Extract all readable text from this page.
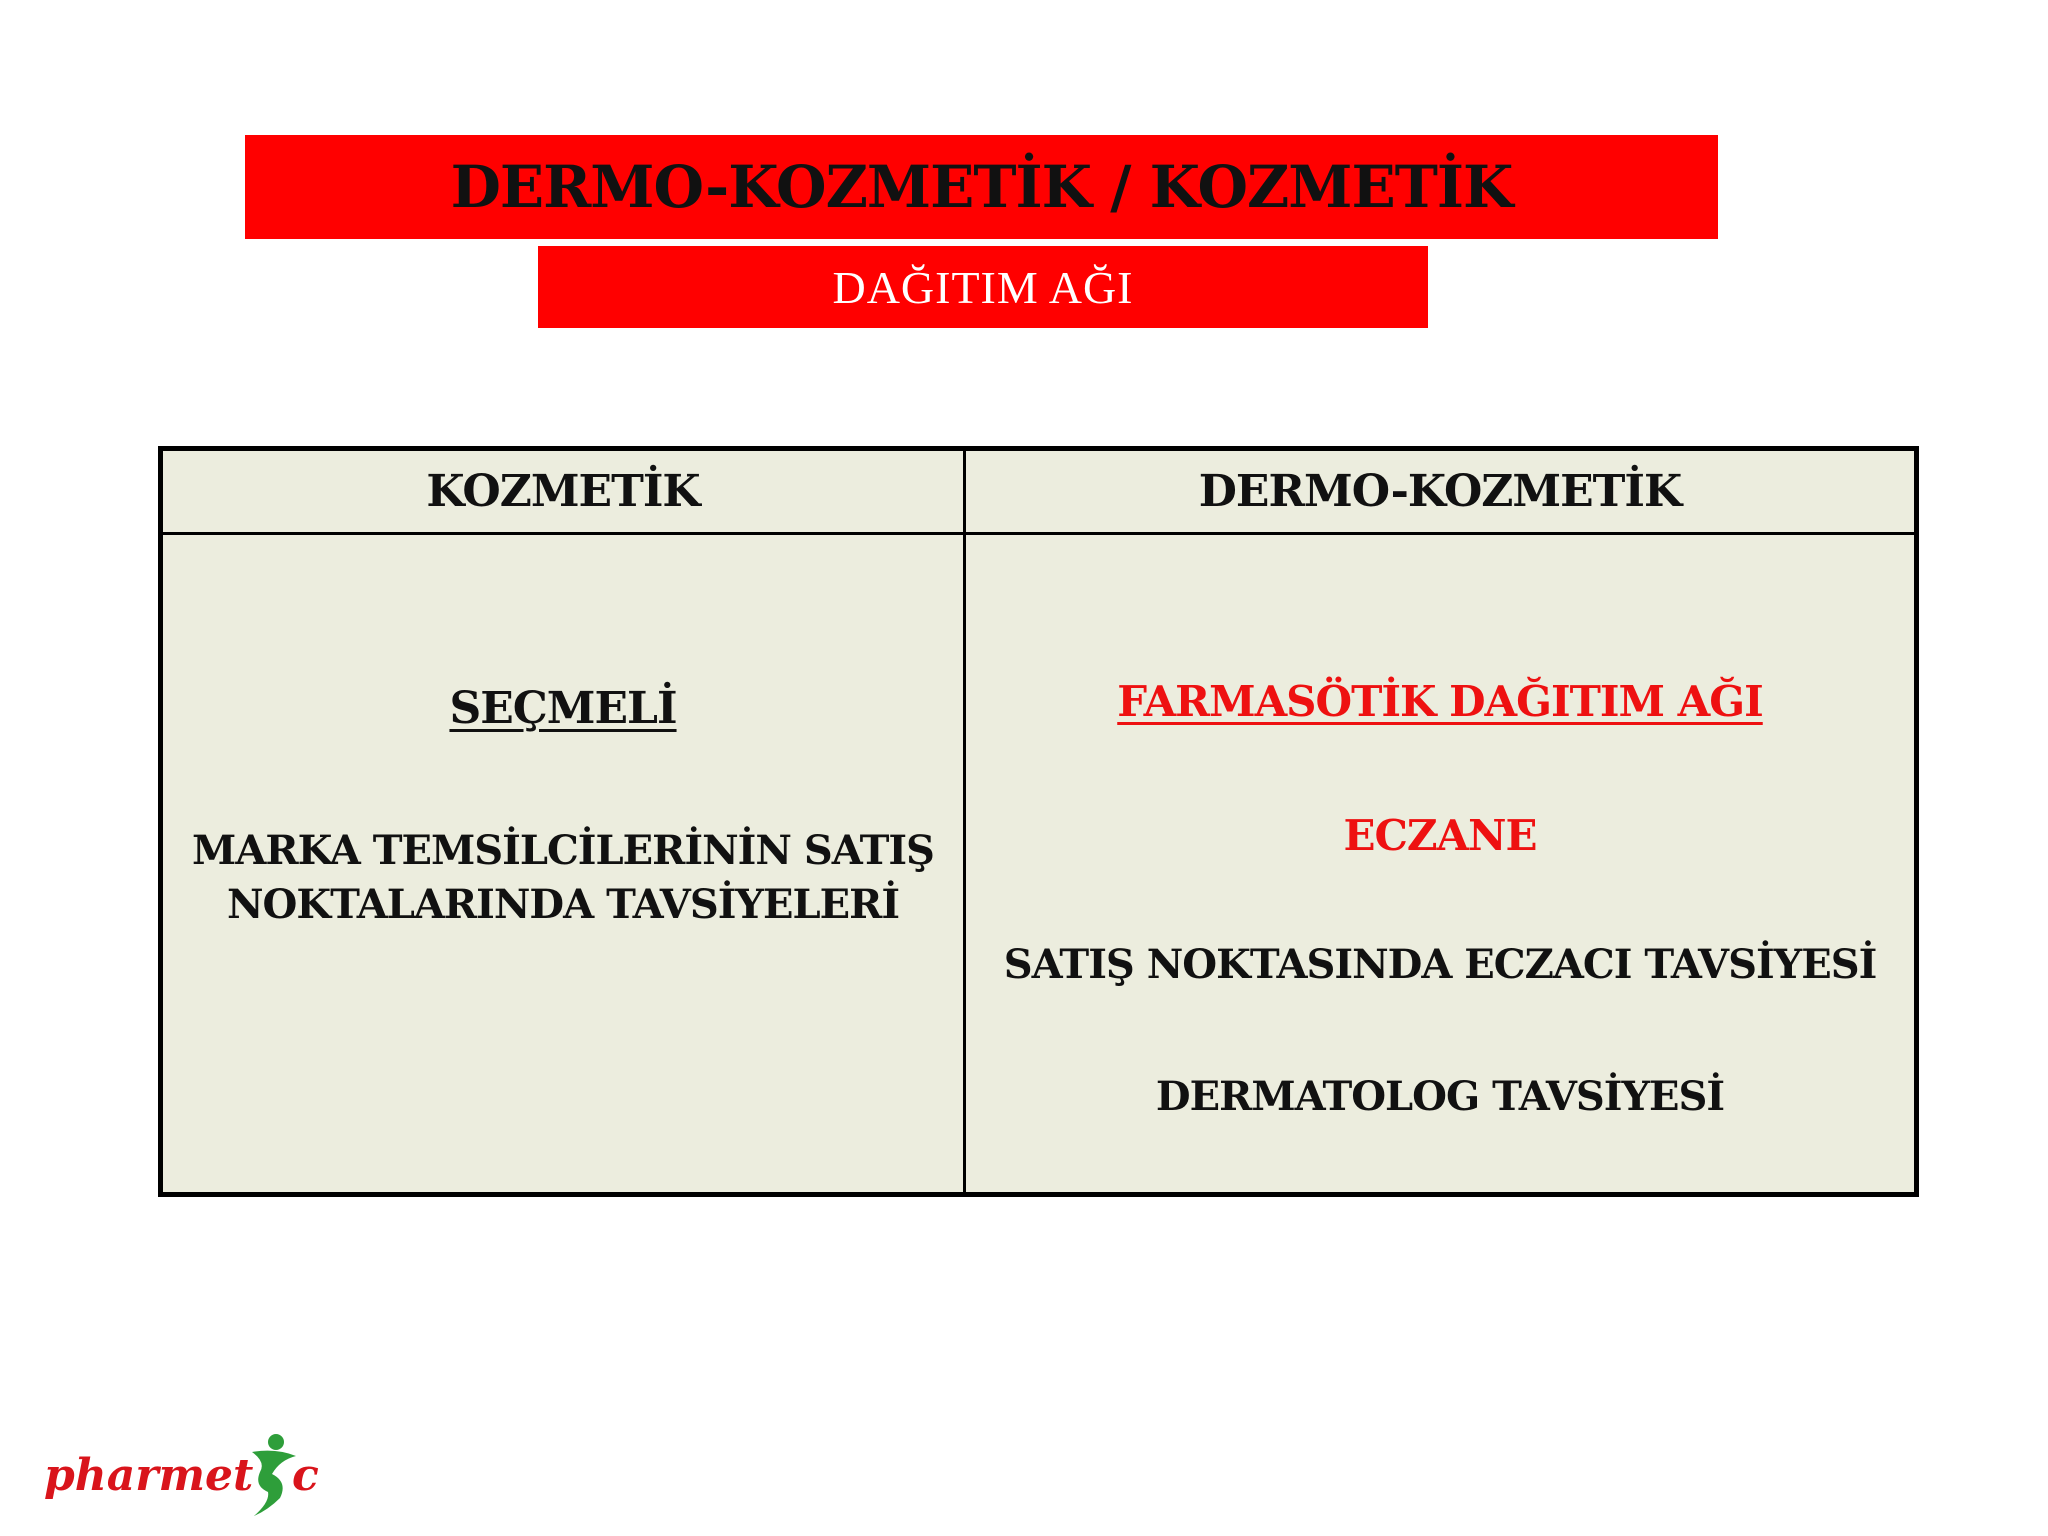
DERMO-KOZMETİK / KOZMETİK
DAĞITIM AĞI
KOZMETİK	DERMO-KOZMETİK
SEÇMELİ
MARKA TEMSİLCİLERİNİN SATIŞ
NOKTALARINDA TAVSİYELERİ
FARMASÖTİK DAĞITIM AĞI
ECZANE
SATIŞ NOKTASINDA ECZACI TAVSİYESİ
DERMATOLOG TAVSİYESİ
pharmet c
